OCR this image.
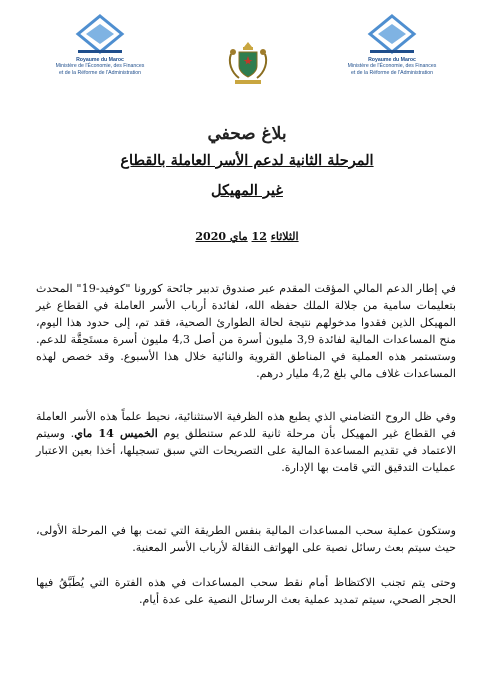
Royaume du Maroc
Ministère de l'Économie, des Finances
et de la Réforme de l'Administration
Royaume du Maroc
Ministère de l'Économie, des Finances
et de la Réforme de l'Administration
بلاغ صحفي
المرحلة الثانية لدعم الأسر العاملة بالقطاع
غير المهيكل
الثلاثاء 12 ماي 2020

في إطار الدعم المالي المؤقت المقدم عبر صندوق تدبير جائحة كورونا "كوفيد-19" المحدث بتعليمات سامية من جلالة الملك حفظه الله، لفائدة أرباب الأسر العاملة في القطاع غير المهيكل الذين فقدوا مدخولهم نتيجة لحالة الطوارئ الصحية، فقد تم، إلى حدود هذا اليوم، منح المساعدات المالية لفائدة 3,9 مليون أسرة من أصل 4,3 مليون أسرة مستَحِقَّة للدعم. وستستمر هذه العملية في المناطق القروية والنائية خلال هذا الأسبوع. وقد خصص لهذه المساعدات غلاف مالي بلغ 4,2 مليار درهم.

وفي ظل الروح التضامني الذي يطبع هذه الظرفية الاستثنائية، نحيط علماً هذه الأسر العاملة في القطاع غير المهيكل بأن مرحلة ثانية للدعم ستنطلق يوم الخميس 14 ماي. وسيتم الاعتماد في تقديم المساعدة المالية على التصريحات التي سبق تسجيلها، أخذا بعين الاعتبار عمليات التدقيق التي قامت بها الإدارة.

وستكون عملية سحب المساعدات المالية بنفس الطريقة التي تمت بها في المرحلة الأولى، حيث سيتم بعث رسائل نصية على الهواتف النقالة لأرباب الأسر المعنية.

وحتى يتم تجنب الاكتظاظ أمام نقط سحب المساعدات في هذه الفترة التي يُطَبَّقُ فيها الحجر الصحي، سيتم تمديد عملية بعث الرسائل النصية على عدة أيام.
